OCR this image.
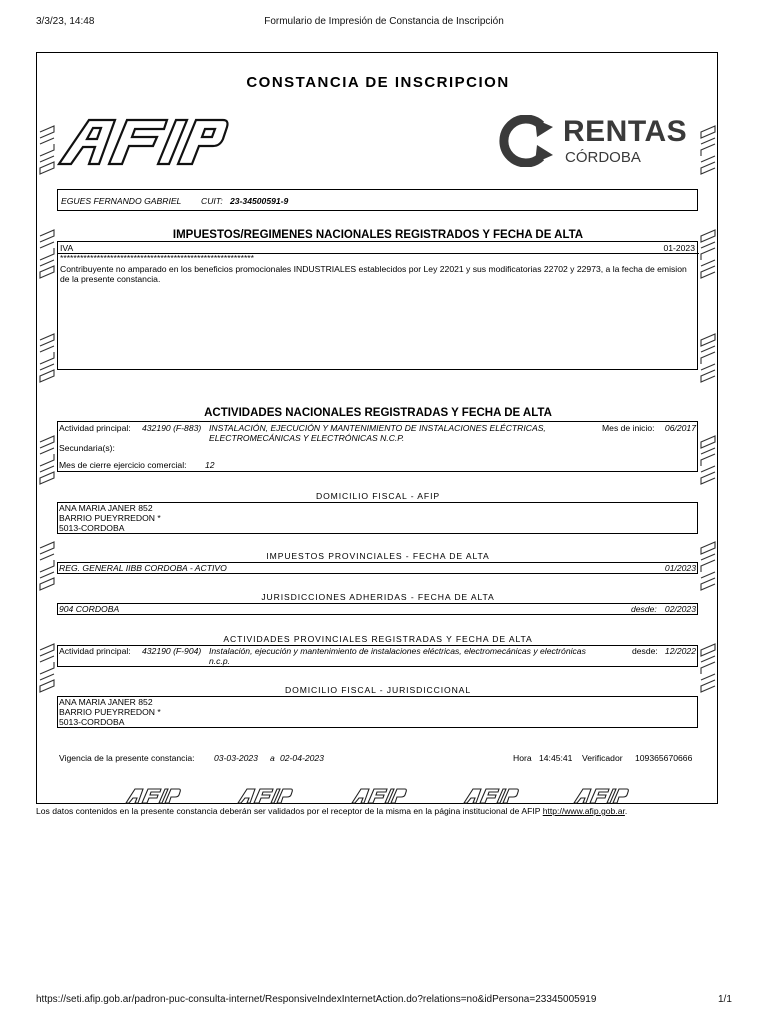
3/3/23, 14:48	Formulario de Impresión de Constancia de Inscripción
CONSTANCIA DE INSCRIPCION
RENTAS
CÓRDOBA
EGUES FERNANDO GABRIEL CUIT: 23-34500591-9
IMPUESTOS/REGIMENES NACIONALES REGISTRADOS Y FECHA DE ALTA
IVA	01-2023
**********************************************************
Contribuyente no amparado en los beneficios promocionales INDUSTRIALES establecidos por Ley 22021 y sus modificatorias 22702 y 22973, a la fecha de emision de la presente constancia.
ACTIVIDADES NACIONALES REGISTRADAS Y FECHA DE ALTA
Actividad principal: 432190 (F-883) INSTALACIÓN, EJECUCIÓN Y MANTENIMIENTO DE INSTALACIONES ELÉCTRICAS,
ELECTROMECÁNICAS Y ELECTRÓNICAS N.C.P.
Mes de inicio: 06/2017
Secundaria(s):
Mes de cierre ejercicio comercial: 12
DOMICILIO FISCAL - AFIP
ANA MARIA JANER 852
BARRIO PUEYRREDON *
5013-CORDOBA
IMPUESTOS PROVINCIALES - FECHA DE ALTA
REG. GENERAL IIBB CORDOBA - ACTIVO	01/2023
JURISDICCIONES ADHERIDAS - FECHA DE ALTA
904 CORDOBA	desde: 02/2023
ACTIVIDADES PROVINCIALES REGISTRADAS Y FECHA DE ALTA
Actividad principal: 432190 (F-904) Instalación, ejecución y mantenimiento de instalaciones eléctricas, electromecánicas y electrónicas
n.c.p.
desde: 12/2022
DOMICILIO FISCAL - JURISDICCIONAL
ANA MARIA JANER 852
BARRIO PUEYRREDON *
5013-CORDOBA
Vigencia de la presente constancia: 03-03-2023 a 02-04-2023	Hora 14:45:41 Verificador 109365670666
Los datos contenidos en la presente constancia deberán ser validados por el receptor de la misma en la página institucional de AFIP http://www.afip.gob.ar.
https://seti.afip.gob.ar/padron-puc-consulta-internet/ResponsiveIndexInternetAction.do?relations=no&idPersona=23345005919	1/1
